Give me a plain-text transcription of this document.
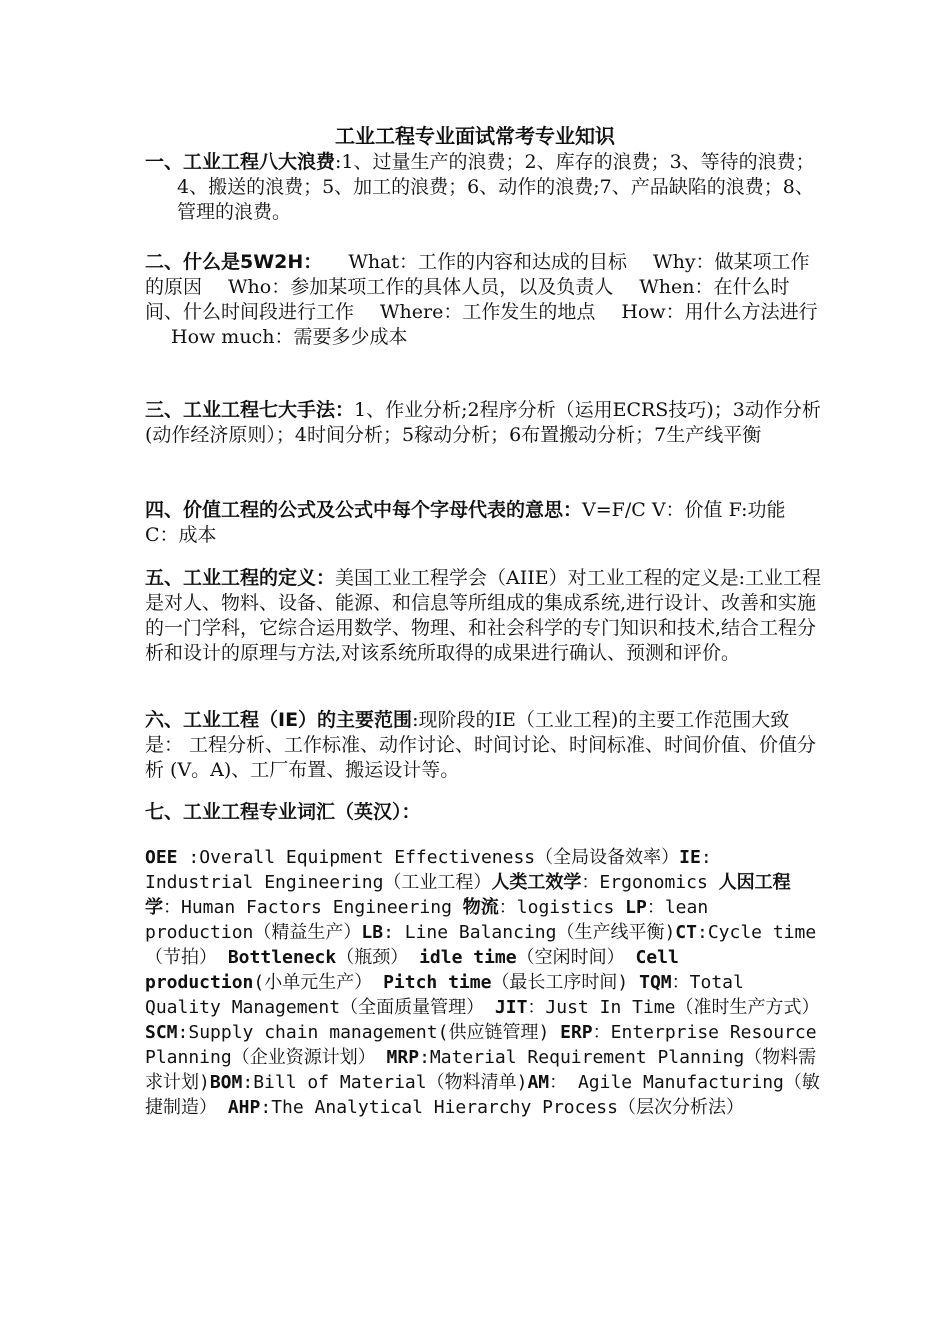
工业工程专业面试常考专业知识

一、工业工程八大浪费:1、过量生产的浪费；2、库存的浪费；3、等待的浪费；4、搬送的浪费；5、加工的浪费；6、动作的浪费;7、产品缺陷的浪费；8、管理的浪费。

二、什么是5W2H： What：工作的内容和达成的目标 Why：做某项工作的原因 Who：参加某项工作的具体人员，以及负责人 When：在什么时间、什么时间段进行工作 Where：工作发生的地点 How：用什么方法进行How much：需要多少成本

三、工业工程七大手法：1、作业分析;2程序分析（运用ECRS技巧)；3动作分析(动作经济原则）；4时间分析；5稼动分析；6布置搬动分析；7生产线平衡

四、价值工程的公式及公式中每个字母代表的意思：V=F/C V：价值 F:功能 C：成本

五、工业工程的定义：美国工业工程学会（AIIE）对工业工程的定义是:工业工程是对人、物料、设备、能源、和信息等所组成的集成系统,进行设计、改善和实施的一门学科，它综合运用数学、物理、和社会科学的专门知识和技术,结合工程分析和设计的原理与方法,对该系统所取得的成果进行确认、预测和评价。

六、工业工程（IE）的主要范围:现阶段的IE（工业工程)的主要工作范围大致是： 工程分析、工作标准、动作讨论、时间讨论、时间标准、时间价值、价值分析 (V。A)、工厂布置、搬运设计等。

七、工业工程专业词汇（英汉）：

OEE :Overall Equipment Effectiveness（全局设备效率）IE: Industrial Engineering（工业工程）人类工效学：Ergonomics 人因工程学：Human Factors Engineering 物流：logistics LP：lean production（精益生产）LB: Line Balancing（生产线平衡)CT:Cycle time（节拍） Bottleneck（瓶颈） idle time（空闲时间） Cell production(小单元生产） Pitch time（最长工序时间) TQM：Total Quality Management（全面质量管理） JIT：Just In Time（准时生产方式） SCM:Supply chain management(供应链管理) ERP：Enterprise Resource Planning（企业资源计划） MRP:Material Requirement Planning（物料需求计划)BOM:Bill of Material（物料清单)AM： Agile Manufacturing（敏捷制造） AHP:The Analytical Hierarchy Process（层次分析法）
